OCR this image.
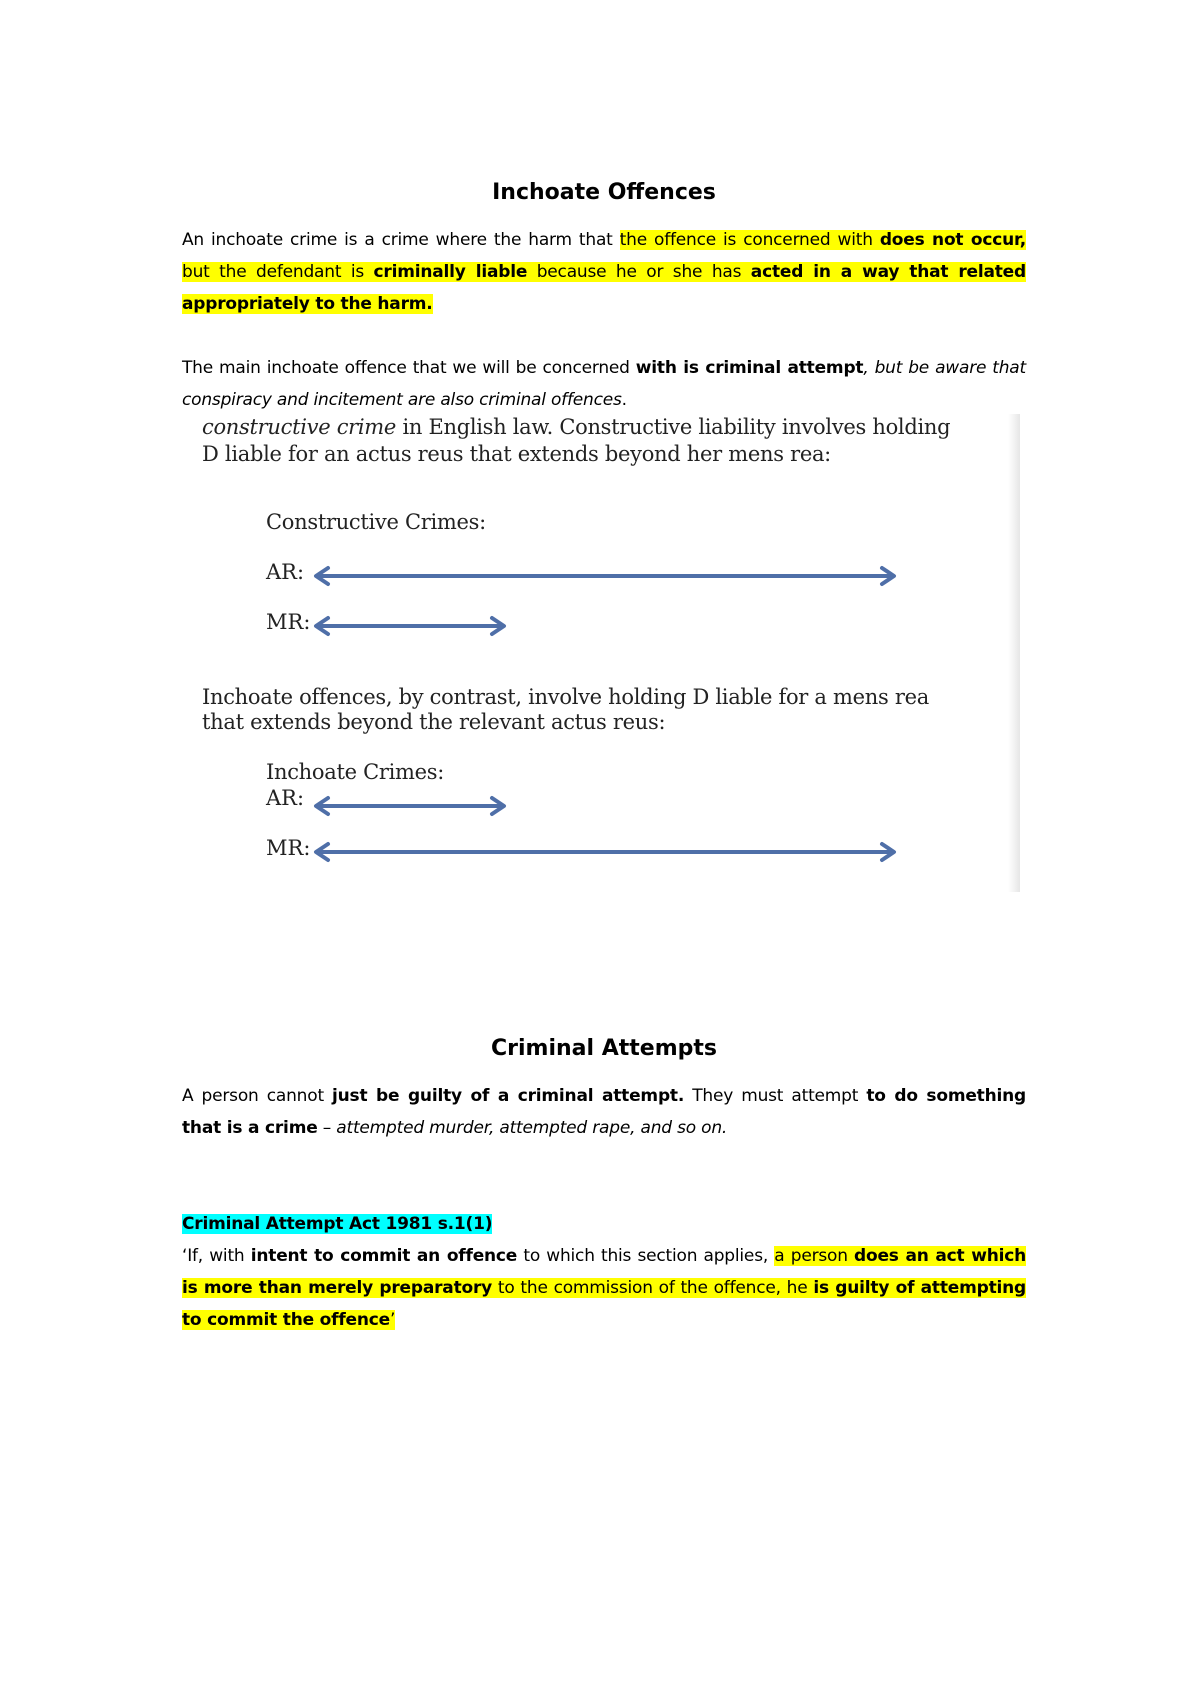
Inchoate Offences

An inchoate crime is a crime where the harm that the offence is concerned with does not occur, but the defendant is criminally liable because he or she has acted in a way that related appropriately to the harm.

The main inchoate offence that we will be concerned with is criminal attempt, but be aware that conspiracy and incitement are also criminal offences.

constructive crime in English law. Constructive liability involves holding

D liable for an actus reus that extends beyond her mens rea:

Constructive Crimes:

AR:

MR:

Inchoate offences, by contrast, involve holding D liable for a mens rea

that extends beyond the relevant actus reus:

Inchoate Crimes:

AR:

MR:

Criminal Attempts

A person cannot just be guilty of a criminal attempt. They must attempt to do something that is a crime – attempted murder, attempted rape, and so on.

Criminal Attempt Act 1981 s.1(1)

‘If, with intent to commit an offence to which this section applies, a person does an act which is more than merely preparatory to the commission of the offence, he is guilty of attempting to commit the offence’
